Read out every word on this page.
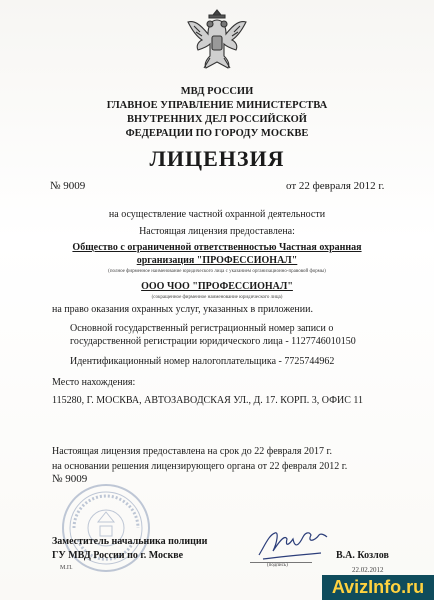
МВД РОССИИ
ГЛАВНОЕ УПРАВЛЕНИЕ МИНИСТЕРСТВА
ВНУТРЕННИХ ДЕЛ РОССИЙСКОЙ
ФЕДЕРАЦИИ ПО ГОРОДУ МОСКВЕ
ЛИЦЕНЗИЯ
№ 9009	от 22 февраля 2012 г.
на осуществление частной охранной деятельности
Настоящая лицензия предоставлена:
Общество с ограниченной ответственностью Частная охранная
организация "ПРОФЕССИОНАЛ"
(полное фирменное наименование юридического лица с указанием организационно-правовой формы)
ООО ЧОО "ПРОФЕССИОНАЛ"
(сокращенное фирменное наименование юридического лица)
на право оказания охранных услуг, указанных в приложении.
Основной государственный регистрационный номер записи о
государственной регистрации юридического лица - 1127746010150
Идентификационный номер налогоплательщика - 7725744962
Место нахождения:
115280, Г. МОСКВА, АВТОЗАВОДСКАЯ УЛ., Д. 17. КОРП. 3, ОФИС 11
Настоящая лицензия предоставлена на срок до 22 февраля 2017 г.
на основании решения лицензирующего органа от 22 февраля 2012 г.
№ 9009
Заместитель начальника полиции
ГУ МВД России по г. Москве	В.А. Козлов
(подпись)
М.П.	22.02.2012
AvizInfo.ru
